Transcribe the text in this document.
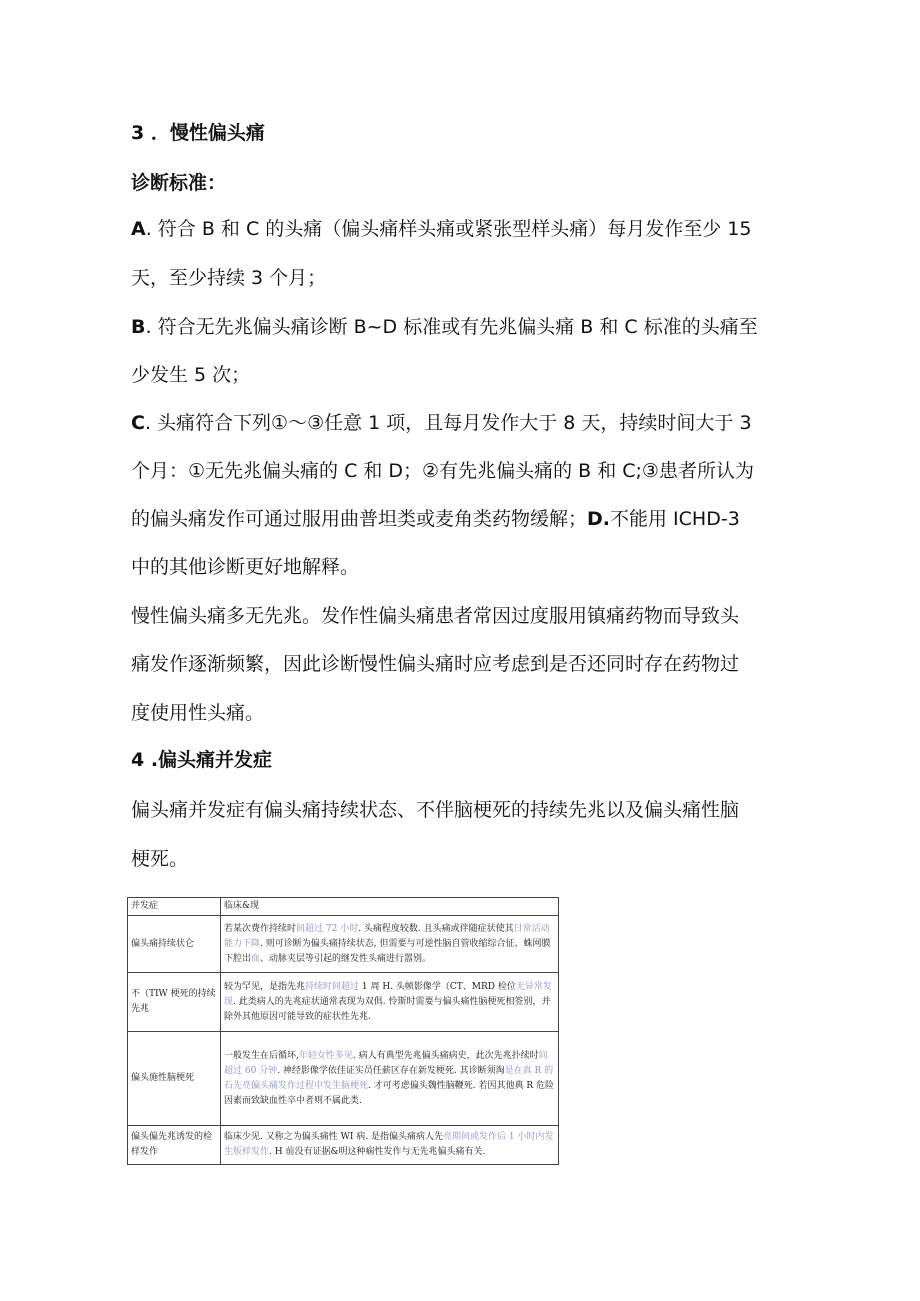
3 ．慢性偏头痛
诊断标准：
A. 符合 B 和 C 的头痛（偏头痛样头痛或紧张型样头痛）每月发作至少 15
天，至少持续 3 个月；
B. 符合无先兆偏头痛诊断 B~D 标准或有先兆偏头痛 B 和 C 标准的头痛至
少发生 5 次；
C. 头痛符合下列①～③任意 1 项，且每月发作大于 8 天，持续时间大于 3
个月：①无先兆偏头痛的 C 和 D；②有先兆偏头痛的 B 和 C;③患者所认为
的偏头痛发作可通过服用曲普坦类或麦角类药物缓解；D.不能用 ICHD-3
中的其他诊断更好地解释。
慢性偏头痛多无先兆。发作性偏头痛患者常因过度服用镇痛药物而导致头
痛发作逐渐频繁，因此诊断慢性偏头痛时应考虑到是否还同时存在药物过
度使用性头痛。
4 .偏头痛并发症
偏头痛并发症有偏头痛持续状态、不伴脑梗死的持续先兆以及偏头痛性脑
梗死。
并发症	临床&现
偏头痛持续状仑	若某次费作持续时间超过 72 小时. 头痛程度较数. 且头痛或伴随症状使其日常活动能力下降. 则可诊断为偏头痛持续状态, 但需要与可逆性脑自管收缩综合征、蛛网膜下腔出血、动脉夹层等引起的继发性头痛进行嚣别。
不（TIW 梗死的持续先兆	较为罕见，是指先兆持续时间超过 1 周 H. 头帧影像学（CT、MRD 检位无异常发现. 此类病人的先兆症状通常表现为双俱. 怜斯时需要与偏头痛性脑梗死相签别，并除外其他原因可能导致的症状性先兆.
偏头施性脑梗死	一般发生在后循环,年轻女性多见. 病人有典型先兆偏头痛病史，此次先兆扑续时间超过 60 分钟. 神经影像学依佳证实员任薪区存在新发梗死. 其诊断须淘是在真 R 的石先亮偏头痛发作过程中发生脑梗死. 才可考虑偏头魏性脑鞭死. 若因其他典 R 危险因素而致缺血性卒中者则不属此类.
偏头偏先兆诱发的检样发作	临床少见. 又称之为偏头痛性 WI 病. 是指偏头痛病人先亮期间或发作后 1 小时内发生版样发作. H 前没有证据&明这种痫性发作与无先兆偏头痛有关.
